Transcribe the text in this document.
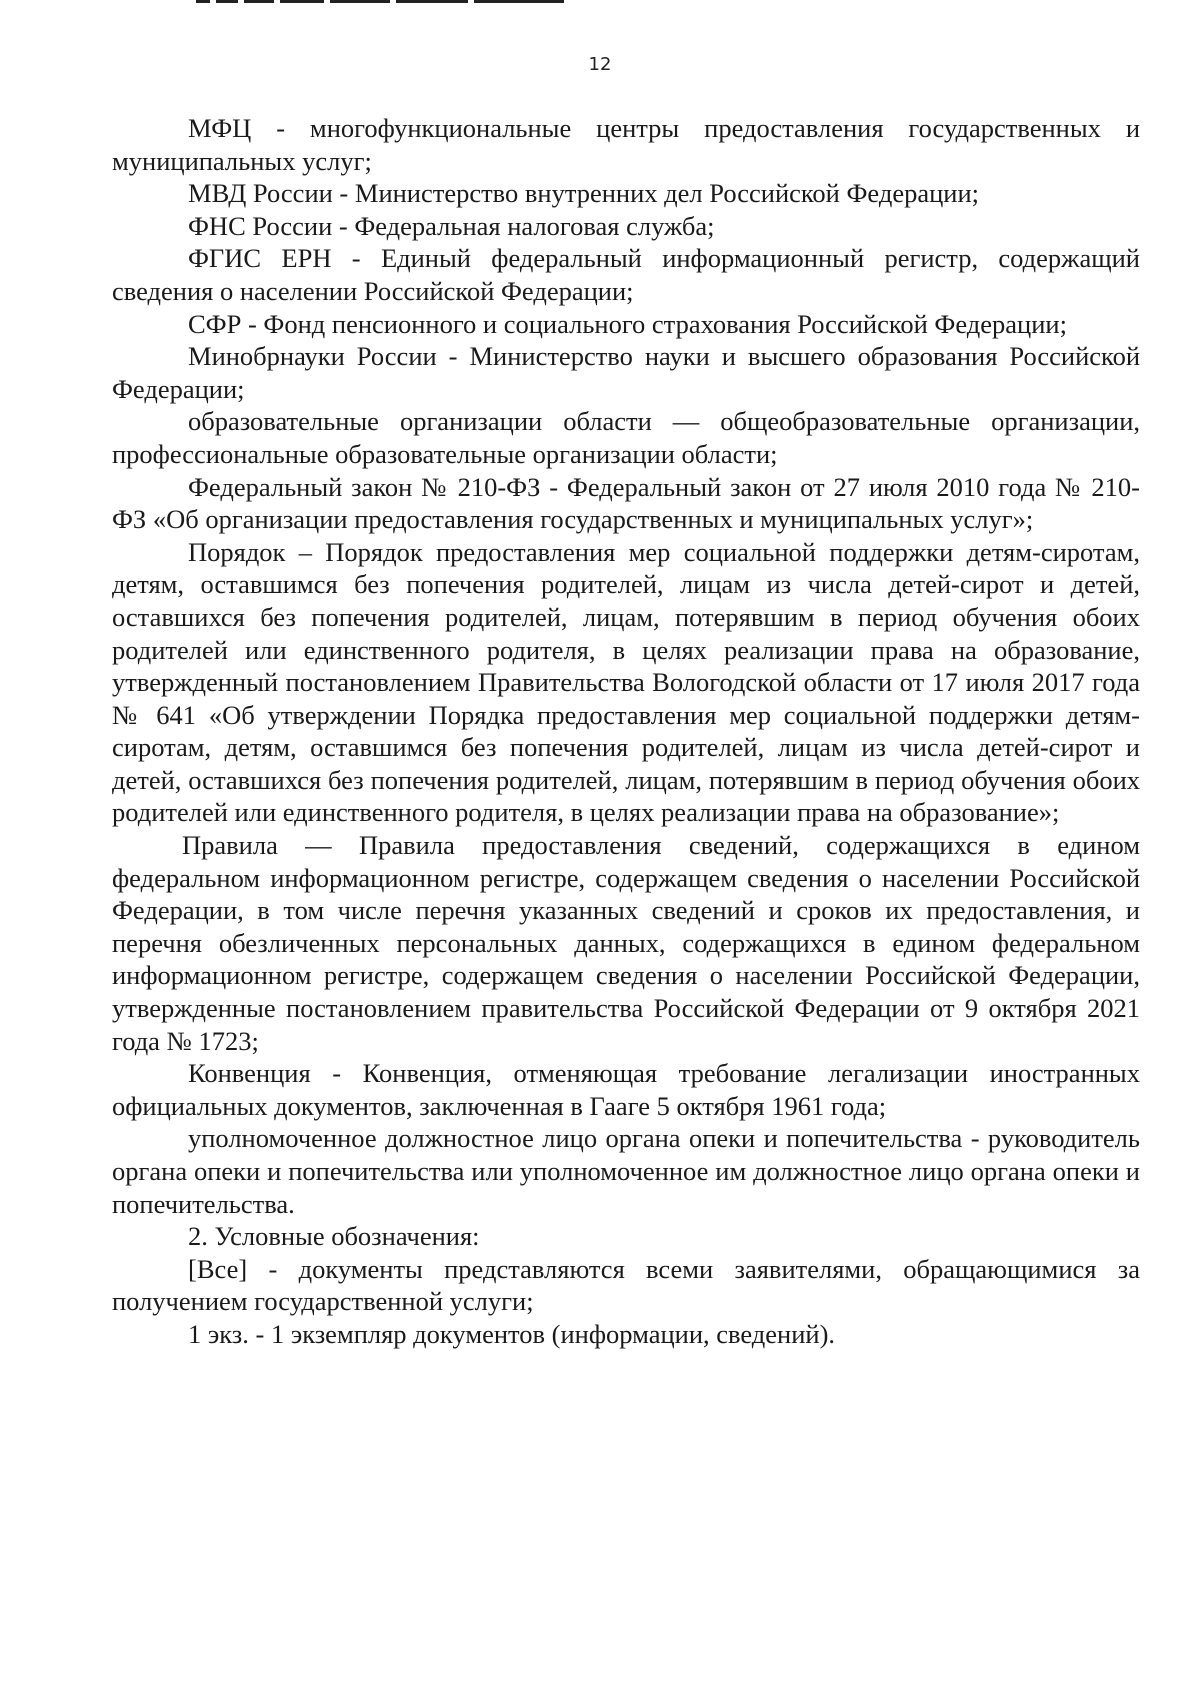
12

МФЦ - многофункциональные центры предоставления государственных и муниципальных услуг;

МВД России - Министерство внутренних дел Российской Федерации;

ФНС России - Федеральная налоговая служба;

ФГИС ЕРН - Единый федеральный информационный регистр, содержащий сведения о населении Российской Федерации;

СФР - Фонд пенсионного и социального страхования Российской Федерации;

Минобрнауки России - Министерство науки и высшего образования Российской Федерации;

образовательные организации области — общеобразовательные организации, профессиональные образовательные организации области;

Федеральный закон № 210-ФЗ - Федеральный закон от 27 июля 2010 года № 210-ФЗ «Об организации предоставления государственных и муниципальных услуг»;

Порядок – Порядок предоставления мер социальной поддержки детям-сиротам, детям, оставшимся без попечения родителей, лицам из числа детей-сирот и детей, оставшихся без попечения родителей, лицам, потерявшим в период обучения обоих родителей или единственного родителя, в целях реализации права на образование, утвержденный постановлением Правительства Вологодской области от 17 июля 2017 года № 641 «Об утверждении Порядка предоставления мер социальной поддержки детям-сиротам, детям, оставшимся без попечения родителей, лицам из числа детей-сирот и детей, оставшихся без попечения родителей, лицам, потерявшим в период обучения обоих родителей или единственного родителя, в целях реализации права на образование»;

Правила — Правила предоставления сведений, содержащихся в едином федеральном информационном регистре, содержащем сведения о населении Российской Федерации, в том числе перечня указанных сведений и сроков их предоставления, и перечня обезличенных персональных данных, содержащихся в едином федеральном информационном регистре, содержащем сведения о населении Российской Федерации, утвержденные постановлением правительства Российской Федерации от 9 октября 2021 года № 1723;

Конвенция - Конвенция, отменяющая требование легализации иностранных официальных документов, заключенная в Гааге 5 октября 1961 года;

уполномоченное должностное лицо органа опеки и попечительства - руководитель органа опеки и попечительства или уполномоченное им должностное лицо органа опеки и попечительства.

2. Условные обозначения:

[Все] - документы представляются всеми заявителями, обращающимися за получением государственной услуги;

1 экз. - 1 экземпляр документов (информации, сведений).
